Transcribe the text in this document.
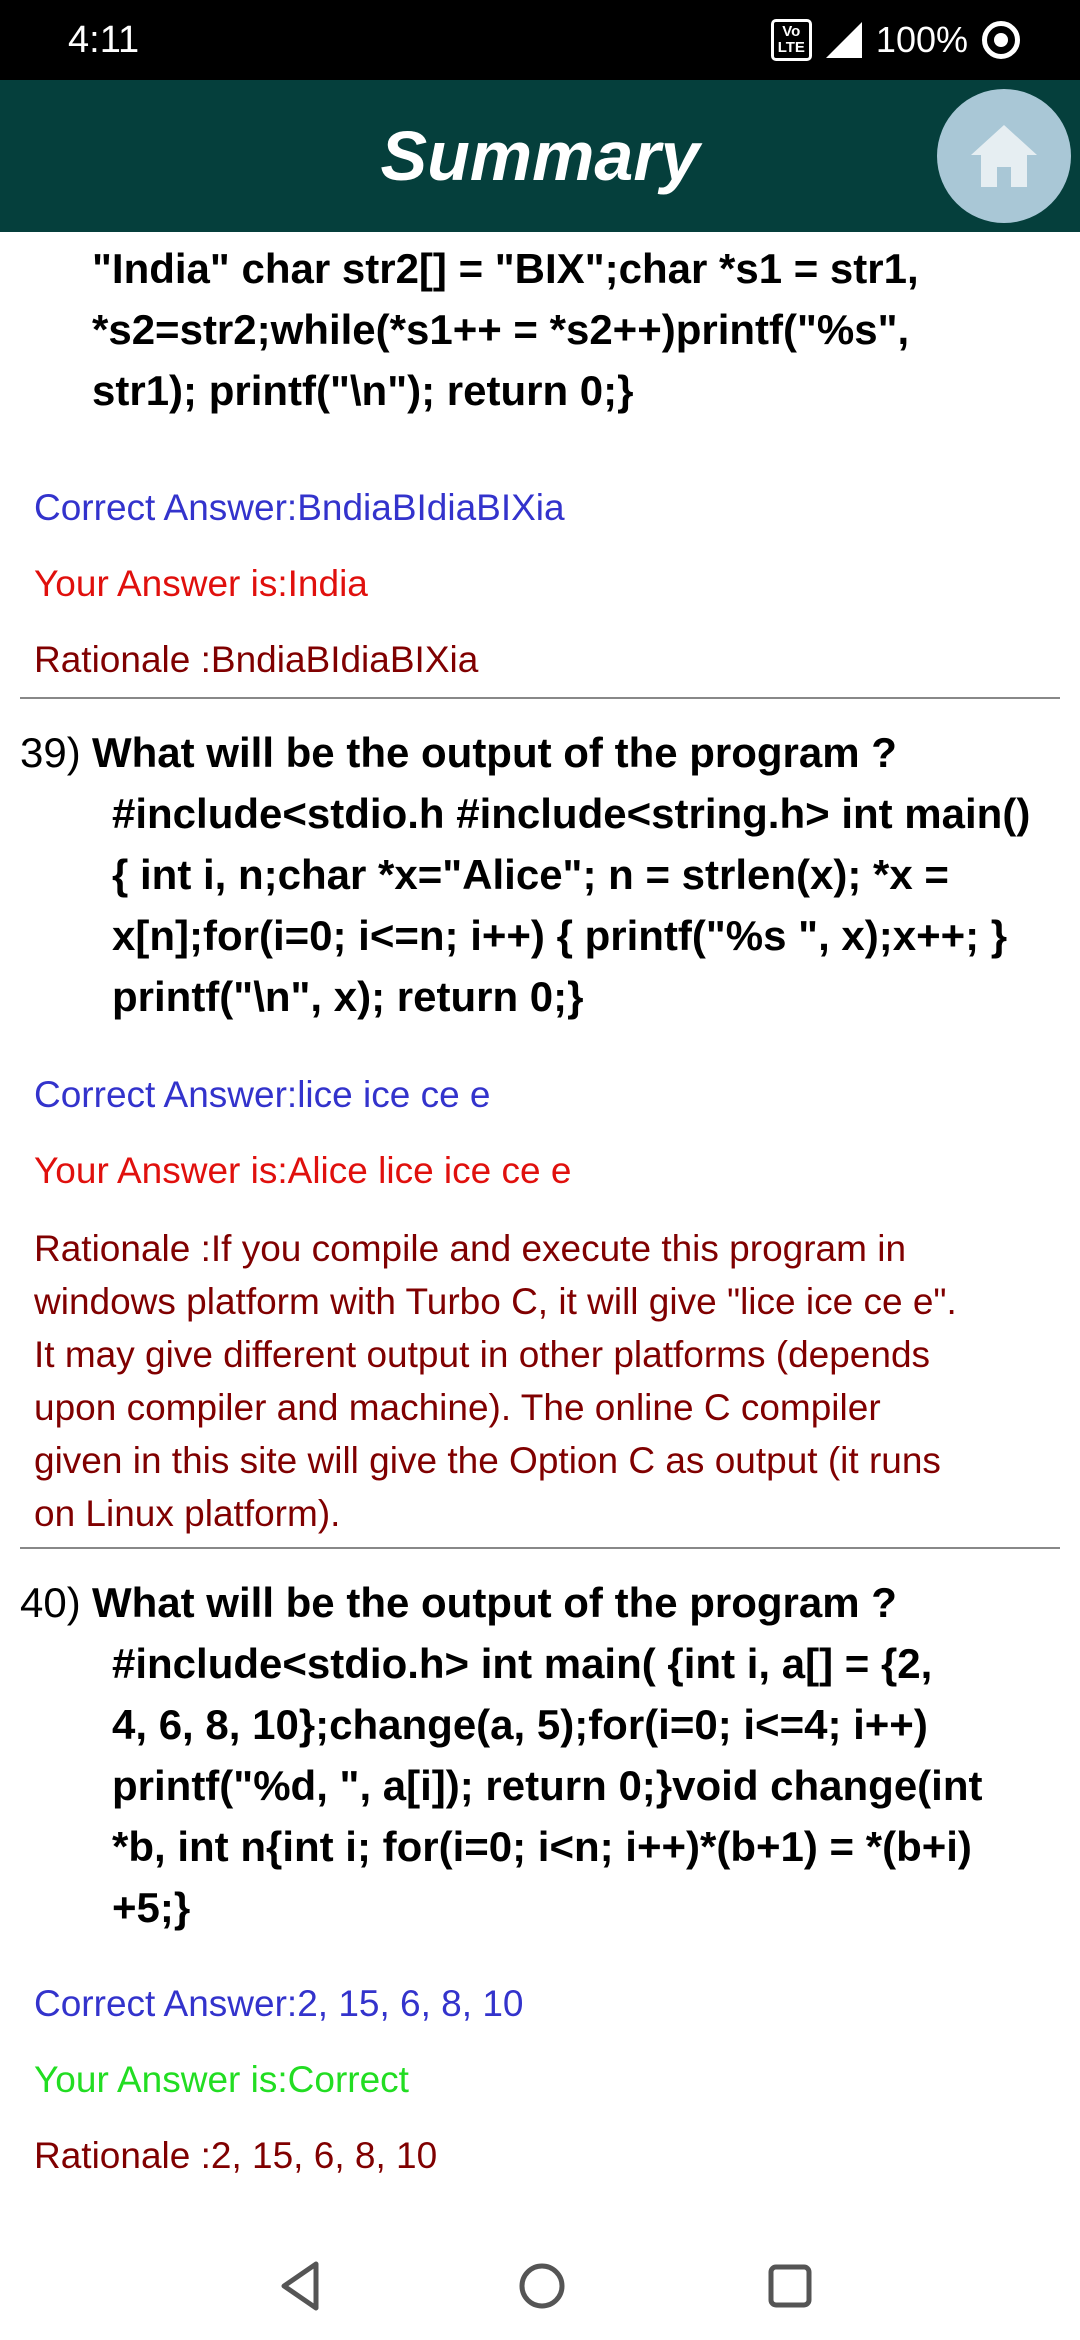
4:11	Vo
LTE 100%
Summary
"India" char str2[] = "BIX";char *s1 = str1,
*s2=str2;while(*s1++ = *s2++)printf("%s",
str1); printf("\n"); return 0;}
Correct Answer:BndiaBIdiaBIXia
Your Answer is:India
Rationale :BndiaBIdiaBIXia
39) What will be the output of the program ?
#include<stdio.h #include<string.h> int main()
{ int i, n;char *x="Alice"; n = strlen(x); *x =
x[n];for(i=0; i<=n; i++) { printf("%s ", x);x++; }
printf("\n", x); return 0;}
Correct Answer:lice ice ce e
Your Answer is:Alice lice ice ce e
Rationale :If you compile and execute this program in
windows platform with Turbo C, it will give "lice ice ce e".
It may give different output in other platforms (depends
upon compiler and machine). The online C compiler
given in this site will give the Option C as output (it runs
on Linux platform).
40) What will be the output of the program ?
#include<stdio.h> int main( {int i, a[] = {2,
4, 6, 8, 10};change(a, 5);for(i=0; i<=4; i++)
printf("%d, ", a[i]); return 0;}void change(int
*b, int n{int i; for(i=0; i<n; i++)*(b+1) = *(b+i)
+5;}
Correct Answer:2, 15, 6, 8, 10
Your Answer is:Correct
Rationale :2, 15, 6, 8, 10
